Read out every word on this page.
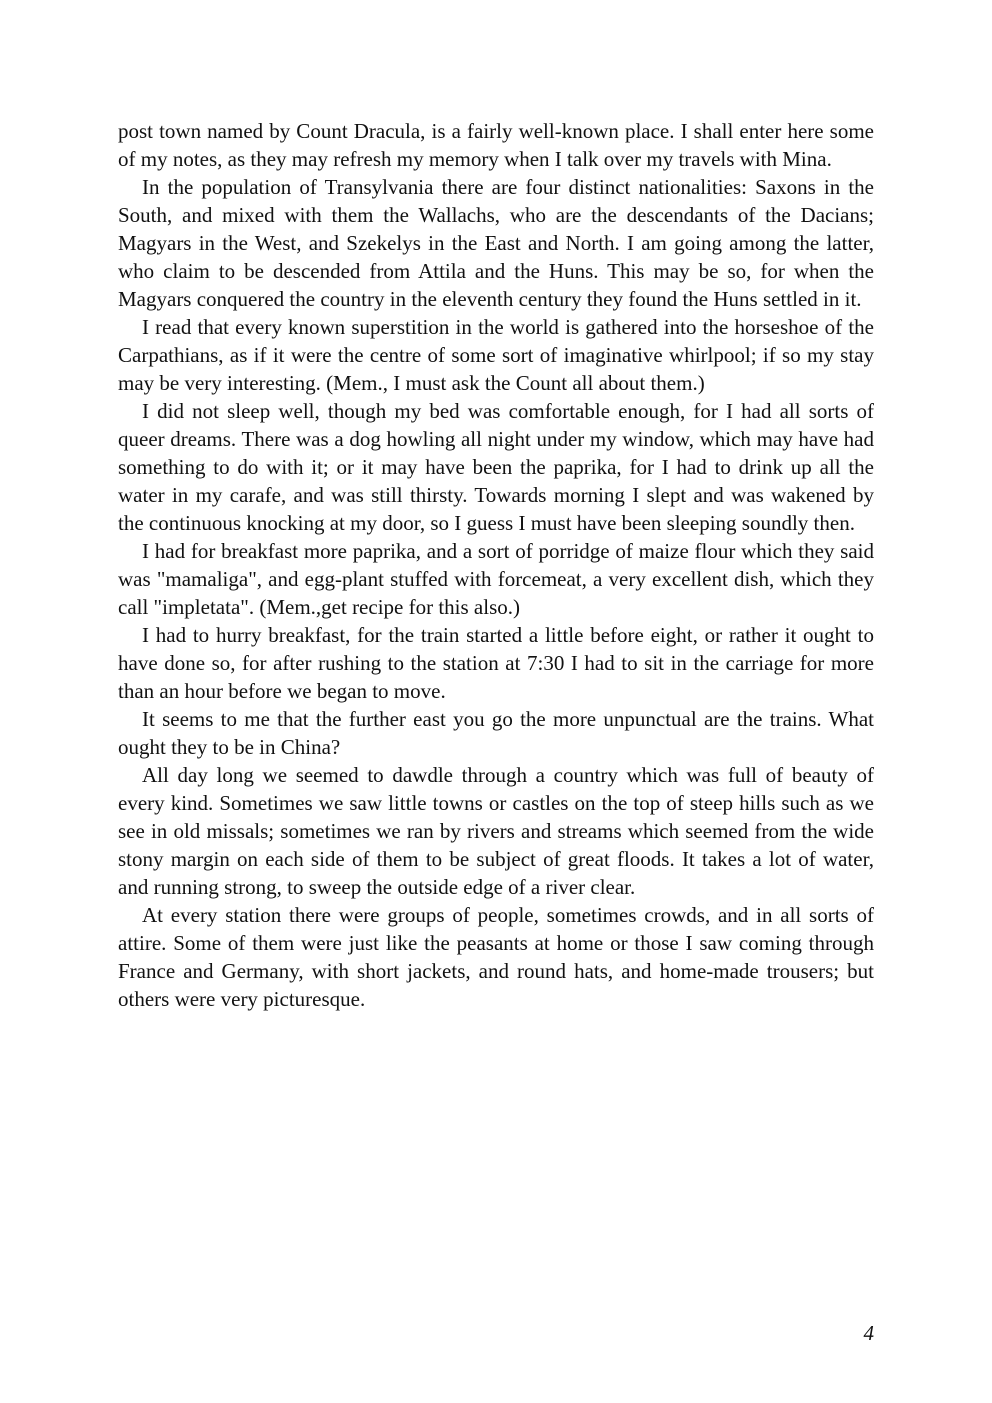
post town named by Count Dracula, is a fairly well-known place. I shall enter here some of my notes, as they may refresh my memory when I talk over my travels with Mina.

In the population of Transylvania there are four distinct nationalities: Saxons in the South, and mixed with them the Wallachs, who are the descendants of the Dacians; Magyars in the West, and Szekelys in the East and North. I am going among the latter, who claim to be descended from Attila and the Huns. This may be so, for when the Magyars conquered the country in the eleventh century they found the Huns settled in it.

I read that every known superstition in the world is gathered into the horseshoe of the Carpathians, as if it were the centre of some sort of imaginative whirlpool; if so my stay may be very interesting. (Mem., I must ask the Count all about them.)

I did not sleep well, though my bed was comfortable enough, for I had all sorts of queer dreams. There was a dog howling all night under my window, which may have had something to do with it; or it may have been the paprika, for I had to drink up all the water in my carafe, and was still thirsty. Towards morning I slept and was wakened by the continuous knocking at my door, so I guess I must have been sleeping soundly then.

I had for breakfast more paprika, and a sort of porridge of maize flour which they said was "mamaliga", and egg-plant stuffed with forcemeat, a very excellent dish, which they call "impletata". (Mem.,get recipe for this also.)

I had to hurry breakfast, for the train started a little before eight, or rather it ought to have done so, for after rushing to the station at 7:30 I had to sit in the carriage for more than an hour before we began to move.

It seems to me that the further east you go the more unpunctual are the trains. What ought they to be in China?

All day long we seemed to dawdle through a country which was full of beauty of every kind. Sometimes we saw little towns or castles on the top of steep hills such as we see in old missals; sometimes we ran by rivers and streams which seemed from the wide stony margin on each side of them to be subject of great floods. It takes a lot of water, and running strong, to sweep the outside edge of a river clear.

At every station there were groups of people, sometimes crowds, and in all sorts of attire. Some of them were just like the peasants at home or those I saw coming through France and Germany, with short jackets, and round hats, and home-made trousers; but others were very picturesque.

4
